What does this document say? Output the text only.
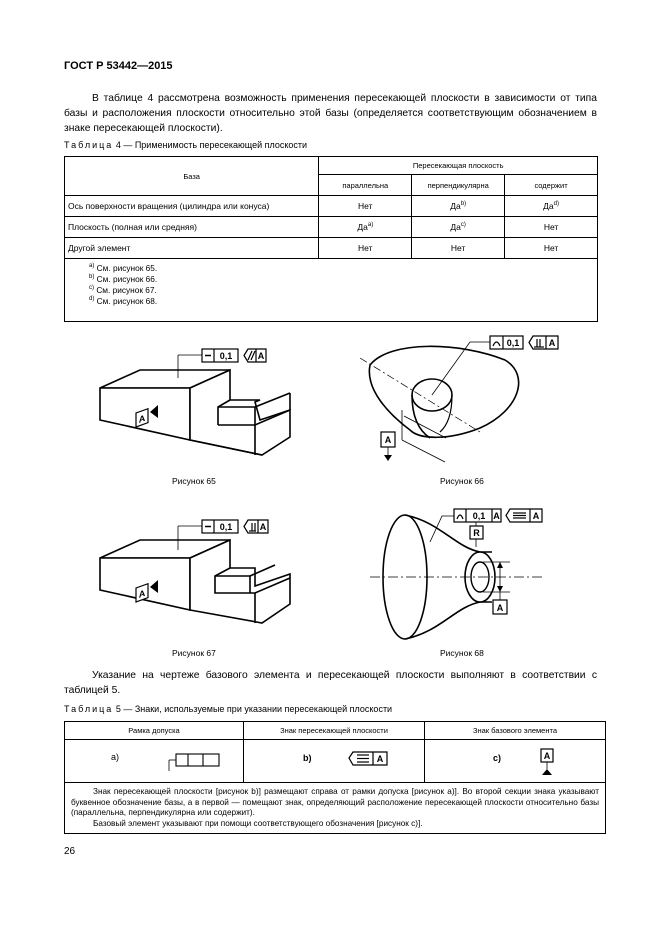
ГОСТ Р 53442—2015
В таблице 4 рассмотрена возможность применения пересекающей плоскости в зависимости от типа базы и расположения плоскости относительно этой базы (определяется соответствующим обозначением в знаке пересекающей плоскости).
Таблица 4 — Применимость пересекающей плоскости
База	Пересекающая плоскость		
	параллельна	перпендикулярна	содержит
Ось поверхности вращения (цилиндра или конуса)	Нет	$Да^{b)}$	$Да^{d)}$
Плоскость (полная или средняя)	$Да^{a)}$	$Да^{c)}$	Нет
Другой элемент	Нет	Нет	Нет

$^{a)}$ См. рисунок 65.
$^{b)}$ См. рисунок 66.
$^{c)}$ См. рисунок 67.
$^{d)}$ См. рисунок 68.			
0,1	A
A
Рисунок 65
0,1	A
A
Рисунок 66
0,1	A
A
Рисунок 67
A
0,1 A	A
R
Рисунок 68
Указание на чертеже базового элемента и пересекающей плоскости выполняют в соответствии с таблицей 5.
Таблица 5 — Знаки, используемые при указании пересекающей плоскости
Рамка допуска	Знак пересекающей плоскости	Знак базового элемента

a)	b) A	c) A

Знак пересекающей плоскости [рисунок b)] размещают справа от рамки допуска [рисунок a)]. Во второй секции знака указывают буквенное обозначение базы, а в первой — помещают знак, определяющий расположение пересекающей плоскости относительно базы (параллельна, перпендикулярна или содержит).

Базовый элемент указывают при помощи соответствующего обозначения [рисунок c)].		

26
